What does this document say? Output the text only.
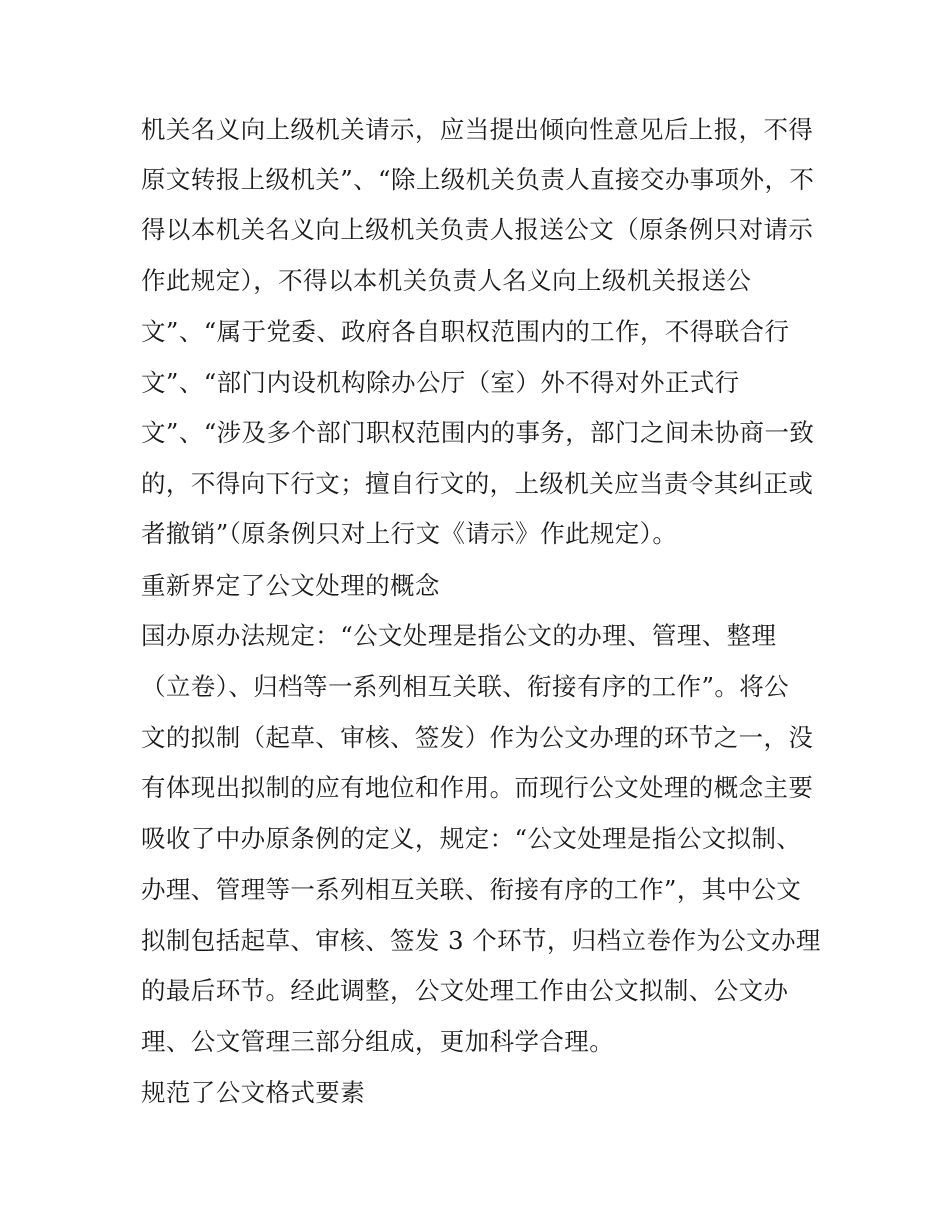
机关名义向上级机关请示，应当提出倾向性意见后上报，不得
原文转报上级机关”、“除上级机关负责人直接交办事项外，不
得以本机关名义向上级机关负责人报送公文（原条例只对请示
作此规定），不得以本机关负责人名义向上级机关报送公
文”、“属于党委、政府各自职权范围内的工作，不得联合行
文”、“部门内设机构除办公厅（室）外不得对外正式行
文”、“涉及多个部门职权范围内的事务，部门之间未协商一致
的，不得向下行文；擅自行文的，上级机关应当责令其纠正或
者撤销”（原条例只对上行文《请示》作此规定）。
重新界定了公文处理的概念
国办原办法规定：“公文处理是指公文的办理、管理、整理
（立卷）、归档等一系列相互关联、衔接有序的工作”。将公
文的拟制（起草、审核、签发）作为公文办理的环节之一，没
有体现出拟制的应有地位和作用。而现行公文处理的概念主要
吸收了中办原条例的定义，规定：“公文处理是指公文拟制、
办理、管理等一系列相互关联、衔接有序的工作”，其中公文
拟制包括起草、审核、签发 3 个环节，归档立卷作为公文办理
的最后环节。经此调整，公文处理工作由公文拟制、公文办
理、公文管理三部分组成，更加科学合理。
规范了公文格式要素
